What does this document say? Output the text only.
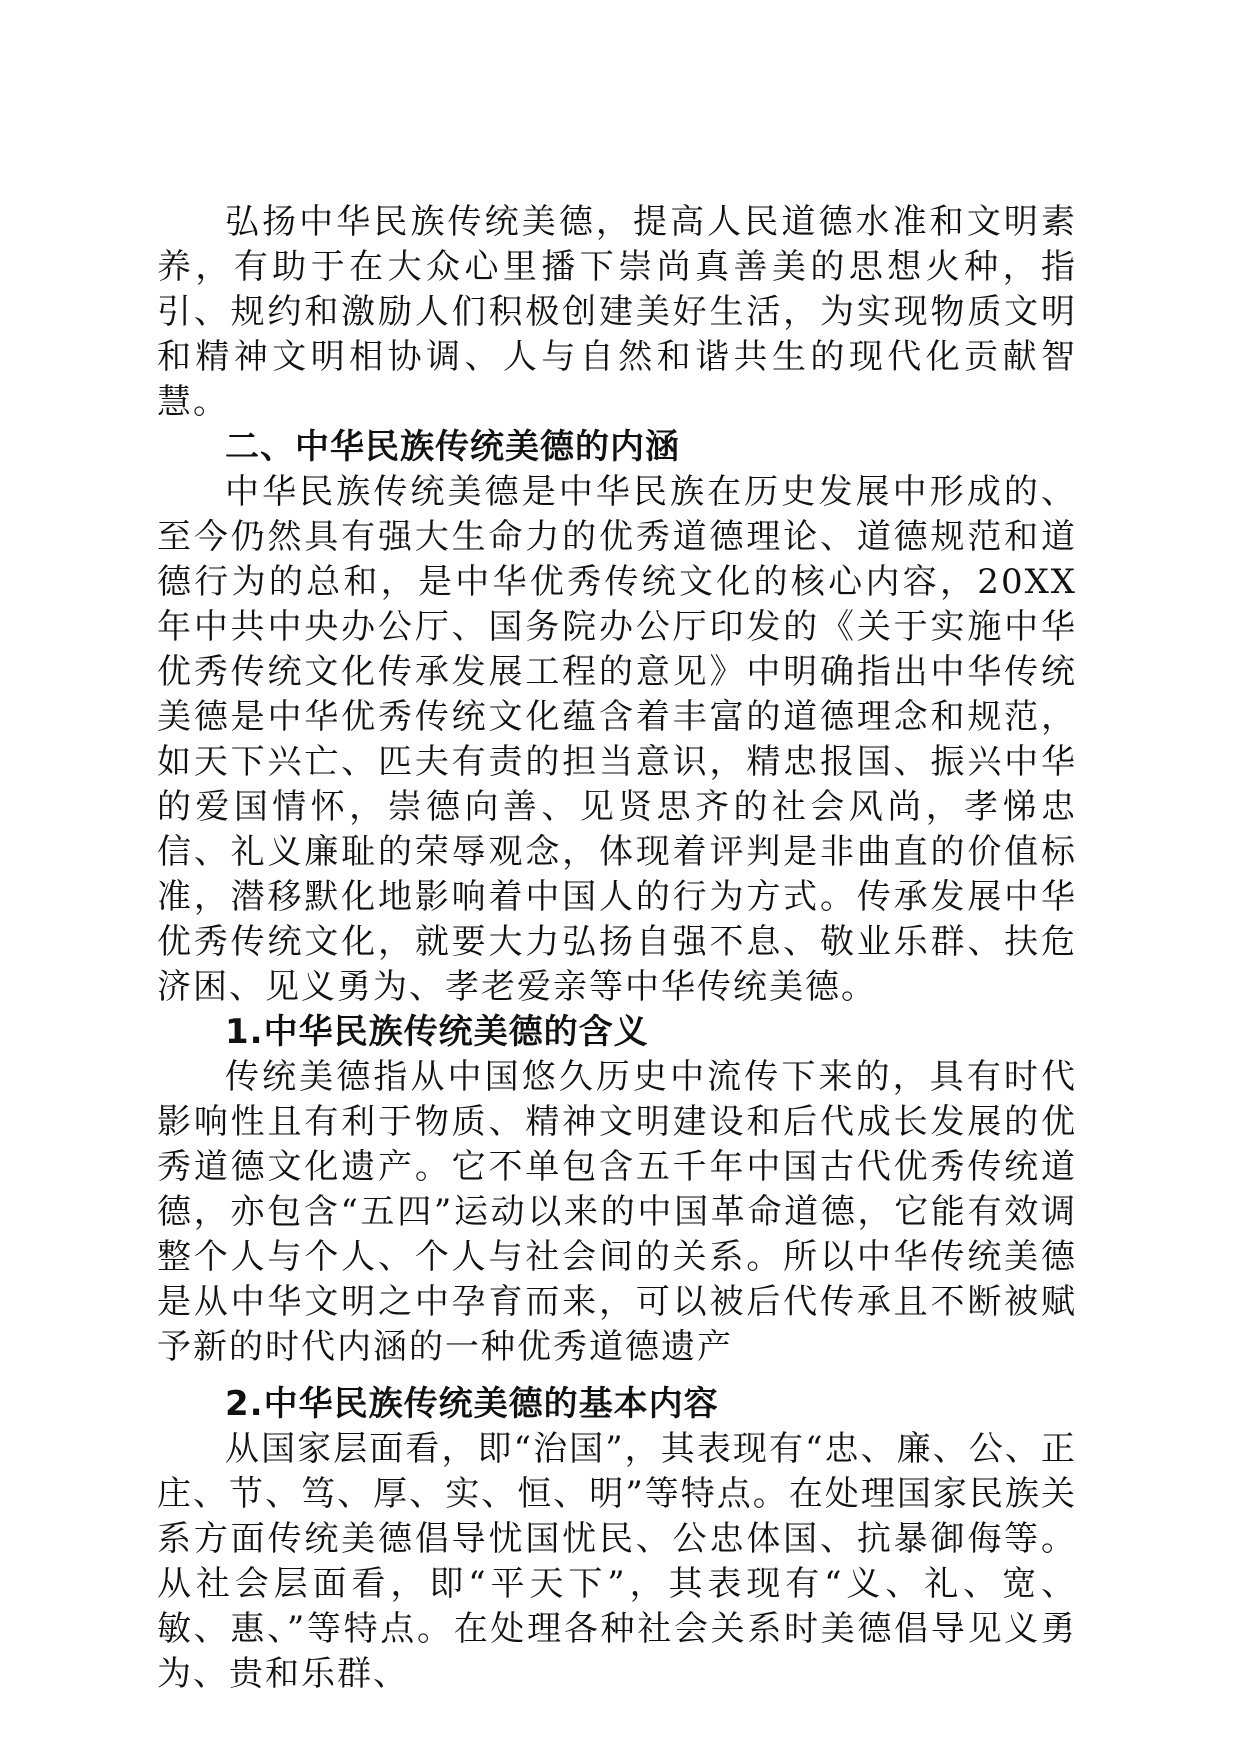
弘扬中华民族传统美德，提高人民道德水准和文明素养，有助于在大众心里播下崇尚真善美的思想火种，指引、规约和激励人们积极创建美好生活，为实现物质文明和精神文明相协调、人与自然和谐共生的现代化贡献智慧。

二、中华民族传统美德的内涵

中华民族传统美德是中华民族在历史发展中形成的、至今仍然具有强大生命力的优秀道德理论、道德规范和道德行为的总和，是中华优秀传统文化的核心内容，20XX 年中共中央办公厅、国务院办公厅印发的《关于实施中华优秀传统文化传承发展工程的意见》中明确指出中华传统美德是中华优秀传统文化蕴含着丰富的道德理念和规范，如天下兴亡、匹夫有责的担当意识，精忠报国、振兴中华的爱国情怀，崇德向善、见贤思齐的社会风尚，孝悌忠信、礼义廉耻的荣辱观念，体现着评判是非曲直的价值标准，潜移默化地影响着中国人的行为方式。传承发展中华优秀传统文化，就要大力弘扬自强不息、敬业乐群、扶危济困、见义勇为、孝老爱亲等中华传统美德。

1.中华民族传统美德的含义

传统美德指从中国悠久历史中流传下来的，具有时代影响性且有利于物质、精神文明建设和后代成长发展的优秀道德文化遗产。它不单包含五千年中国古代优秀传统道德，亦包含“五四”运动以来的中国革命道德，它能有效调整个人与个人、个人与社会间的关系。所以中华传统美德是从中华文明之中孕育而来，可以被后代传承且不断被赋予新的时代内涵的一种优秀道德遗产

2.中华民族传统美德的基本内容

从国家层面看，即“治国”，其表现有“忠、廉、公、正庄、节、笃、厚、实、恒、明”等特点。在处理国家民族关系方面传统美德倡导忧国忧民、公忠体国、抗暴御侮等。从社会层面看，即“平天下”，其表现有“义、礼、宽、敏、惠、”等特点。在处理各种社会关系时美德倡导见义勇为、贵和乐群、
